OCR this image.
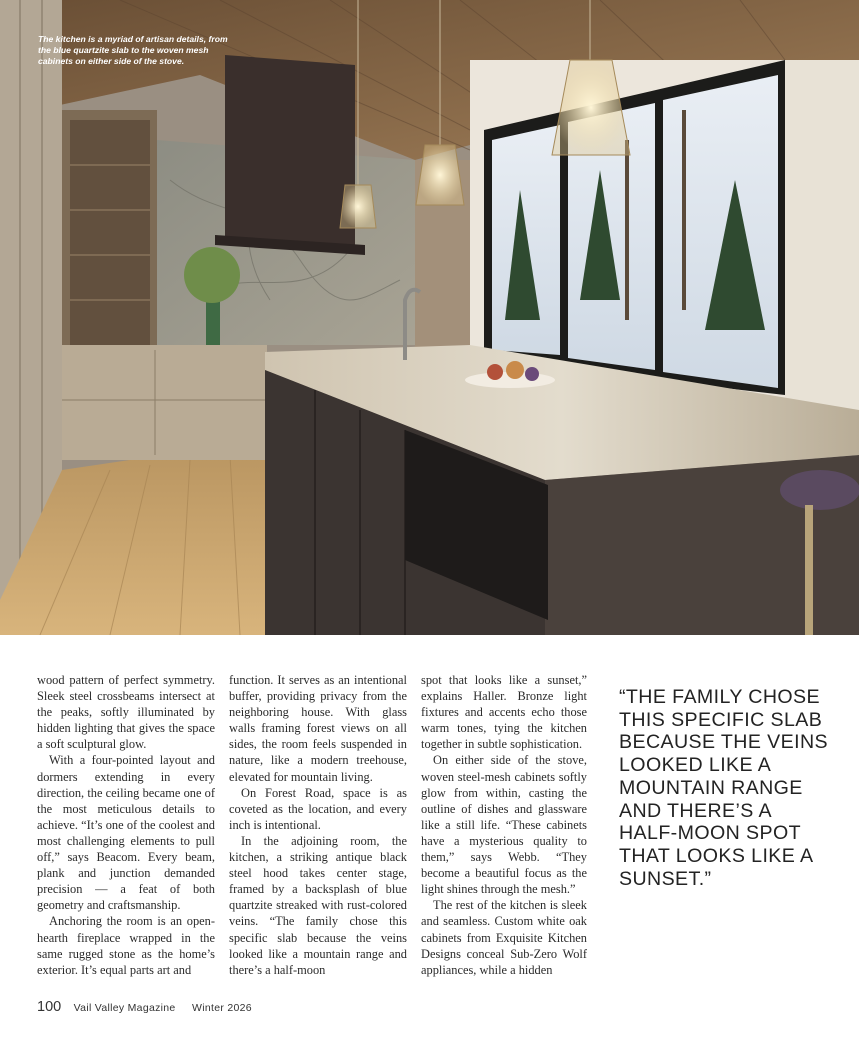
The kitchen is a myriad of artisan details, from the blue quartzite slab to the woven mesh cabinets on either side of the stove.

wood pattern of perfect symmetry. Sleek steel crossbeams intersect at the peaks, softly illuminated by hidden lighting that gives the space a soft sculptural glow.

With a four-pointed layout and dormers extending in every direction, the ceiling became one of the most meticulous details to achieve. “It’s one of the coolest and most challenging elements to pull off,” says Beacom. Every beam, plank and junction demanded precision — a feat of both geometry and craftsmanship.

Anchoring the room is an open-hearth fireplace wrapped in the same rugged stone as the home’s exterior. It’s equal parts art and

function. It serves as an intentional buffer, providing privacy from the neighboring house. With glass walls framing forest views on all sides, the room feels suspended in nature, like a modern treehouse, elevated for mountain living.

On Forest Road, space is as coveted as the location, and every inch is intentional.

In the adjoining room, the kitchen, a striking antique black steel hood takes center stage, framed by a backsplash of blue quartzite streaked with rust-colored veins. “The family chose this specific slab because the veins looked like a mountain range and there’s a half-moon

spot that looks like a sunset,” explains Haller. Bronze light fixtures and accents echo those warm tones, tying the kitchen together in subtle sophistication.

On either side of the stove, woven steel-mesh cabinets softly glow from within, casting the outline of dishes and glassware like a still life. “These cabinets have a mysterious quality to them,” says Webb. “They become a beautiful focus as the light shines through the mesh.”

The rest of the kitchen is sleek and seamless. Custom white oak cabinets from Exquisite Kitchen Designs conceal Sub-Zero Wolf appliances, while a hidden

“THE FAMILY CHOSE THIS SPECIFIC SLAB BECAUSE THE VEINS LOOKED LIKE A MOUNTAIN RANGE AND THERE’S A HALF-MOON SPOT THAT LOOKS LIKE A SUNSET.”
100 Vail Valley Magazine Winter 2026
